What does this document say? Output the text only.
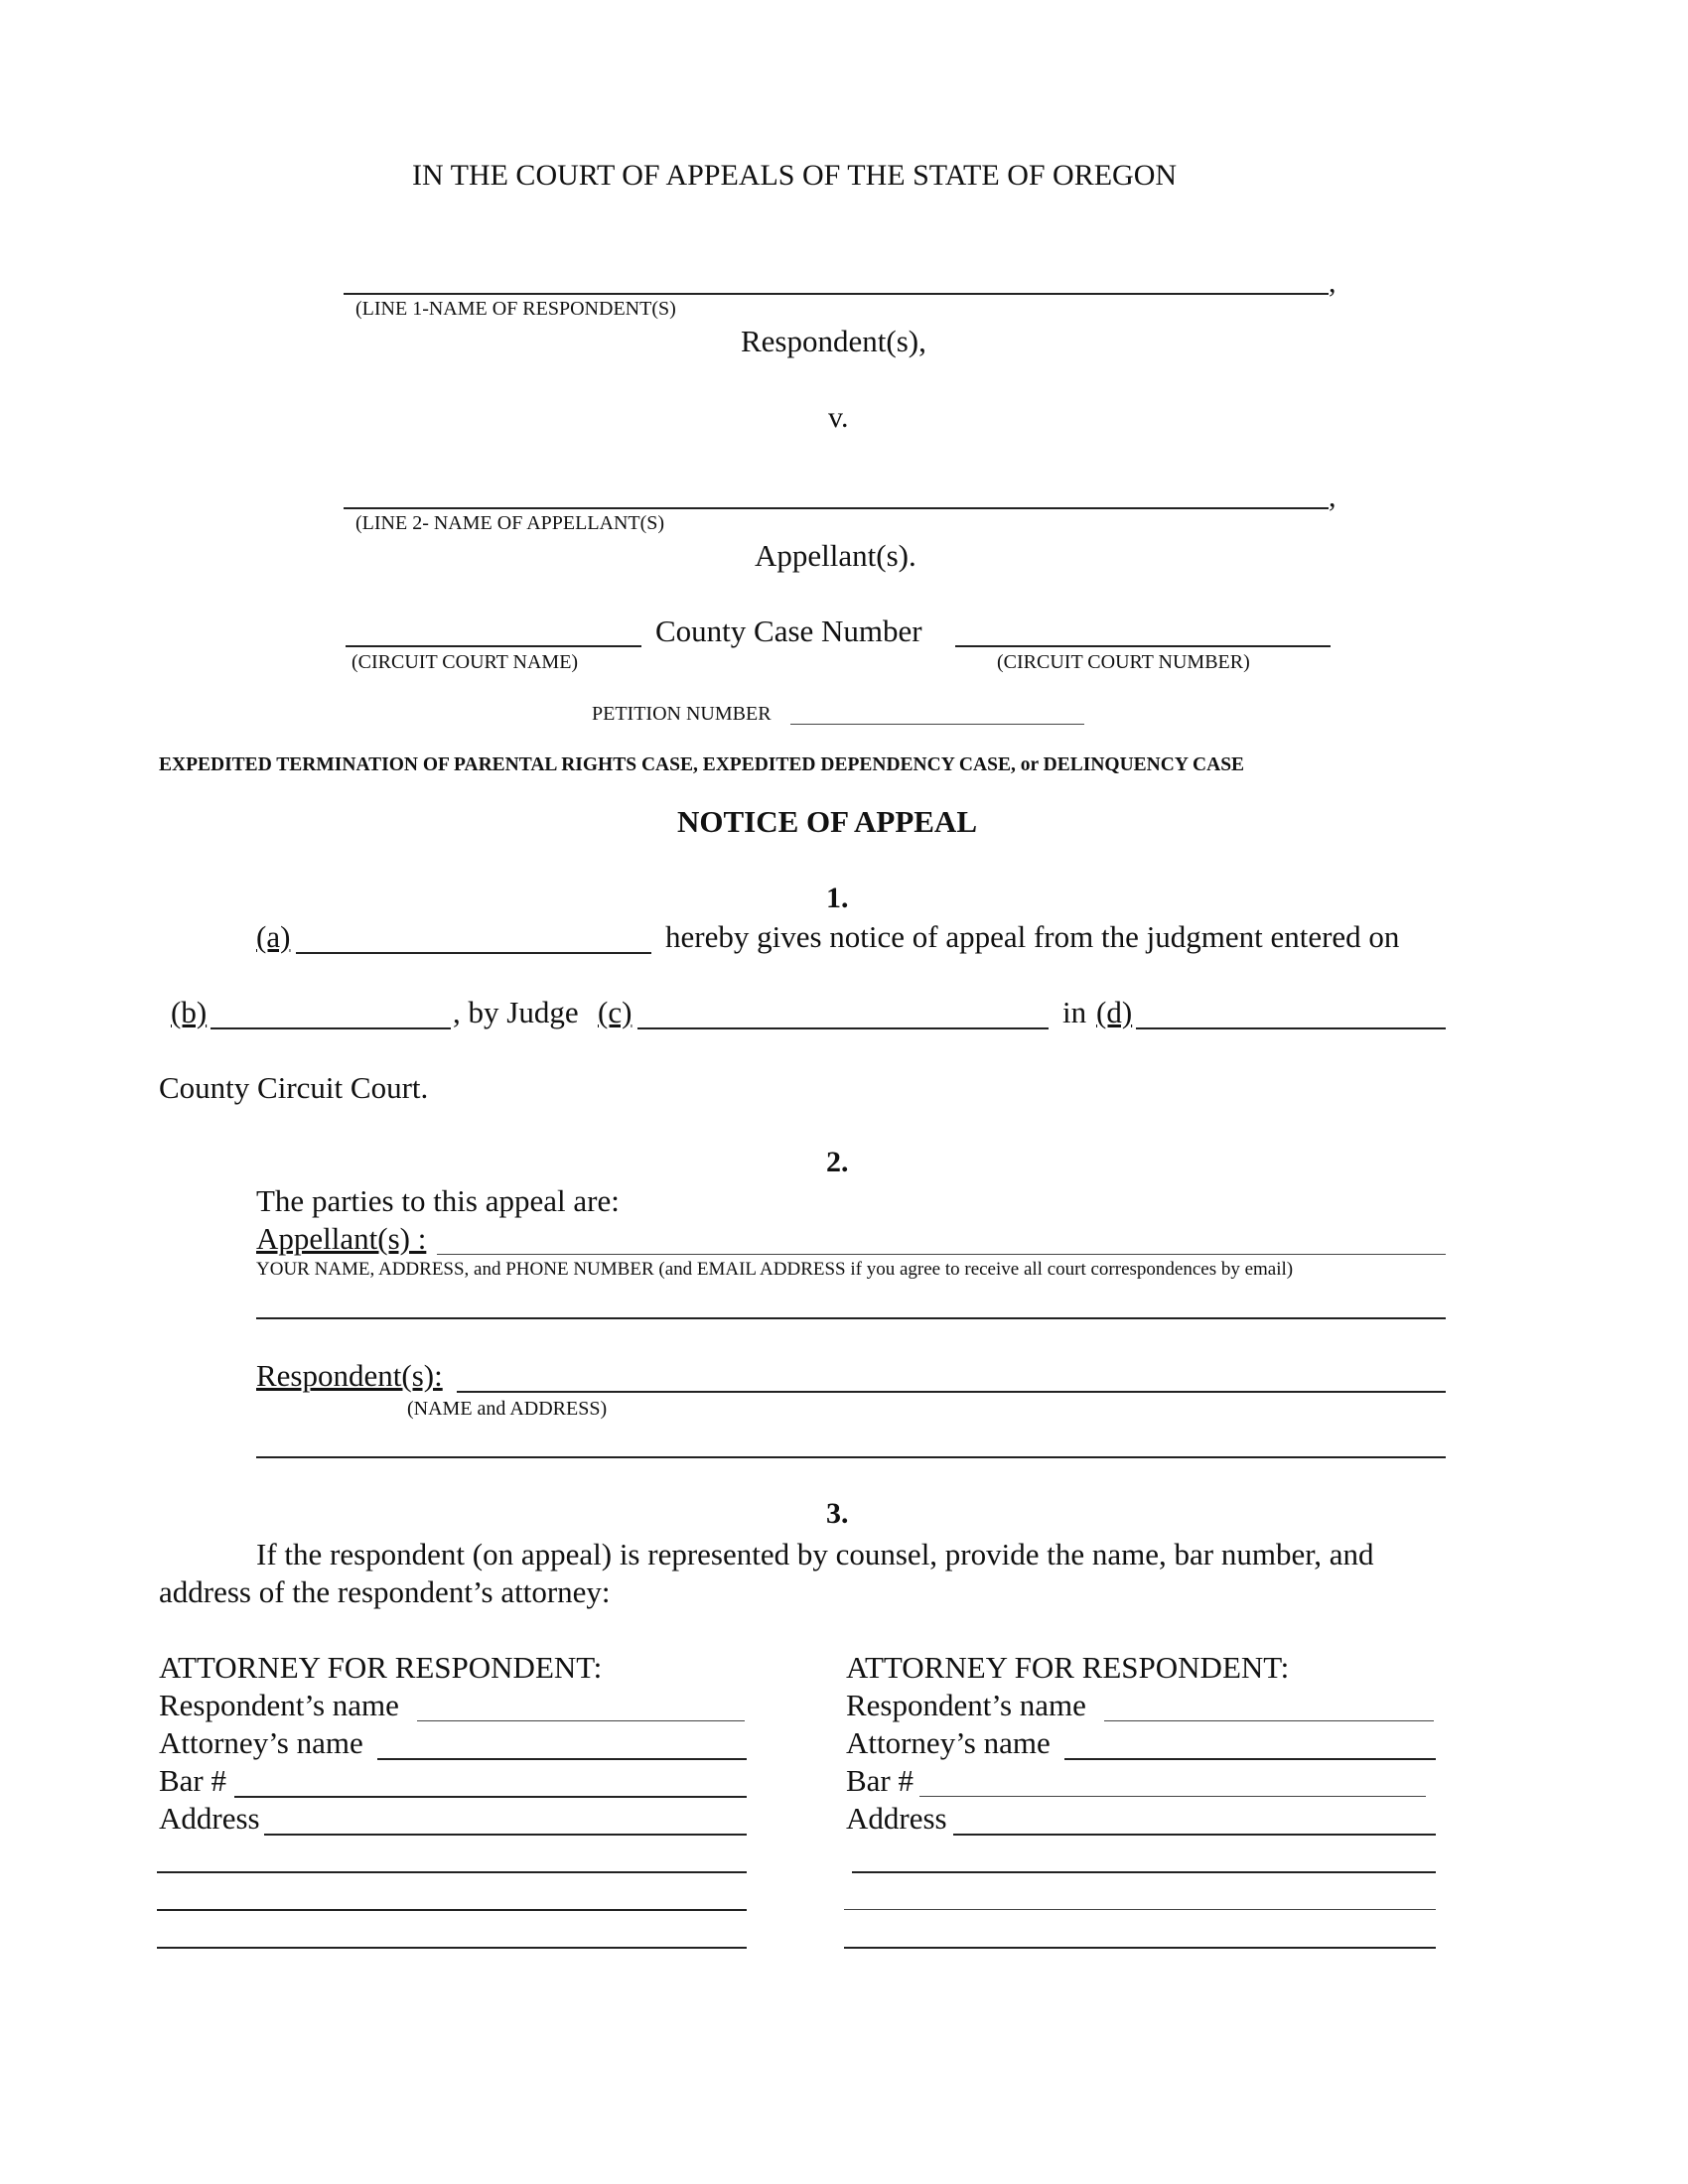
IN THE COURT OF APPEALS OF THE STATE OF OREGON
,
(LINE 1-NAME OF RESPONDENT(S)
Respondent(s),
v.
,
(LINE 2- NAME OF APPELLANT(S)
Appellant(s).
County Case Number
(CIRCUIT COURT NAME)	(CIRCUIT COURT NUMBER)
PETITION NUMBER
EXPEDITED TERMINATION OF PARENTAL RIGHTS CASE, EXPEDITED DEPENDENCY CASE, or DELINQUENCY CASE
NOTICE OF APPEAL
1.
(a)	hereby gives notice of appeal from the judgment entered on
(b)	, by Judge (c)	in (d)
County Circuit Court.
2.
The parties to this appeal are:
Appellant(s) :
YOUR NAME, ADDRESS, and PHONE NUMBER (and EMAIL ADDRESS if you agree to receive all court correspondences by email)
Respondent(s):
(NAME and ADDRESS)
3.
If the respondent (on appeal) is represented by counsel, provide the name, bar number, and
address of the respondent’s attorney:
ATTORNEY FOR RESPONDENT:
Respondent’s name
Attorney’s name
Bar #
Address
ATTORNEY FOR RESPONDENT:
Respondent’s name
Attorney’s name
Bar #
Address
